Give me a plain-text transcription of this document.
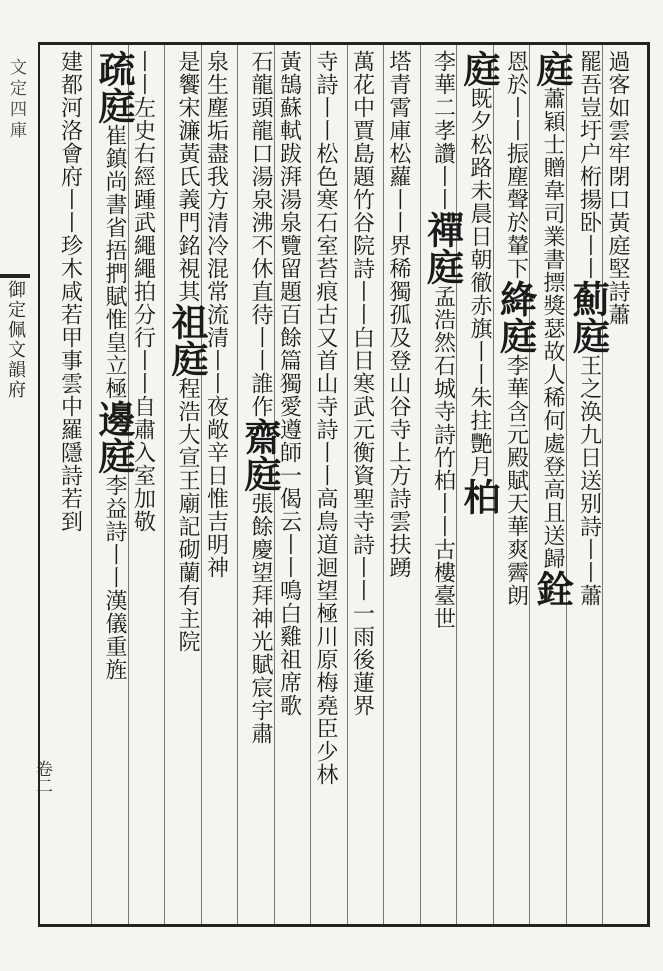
文定四庫
御定佩文韻府
卷二
過客如雲牢閉口黃庭堅詩蕭
罷吾豈圩户桁揚卧丨丨薊庭王之涣九日送别詩丨丨蕭
庭蕭穎士贈韋司業書摽獎瑟故人稀何處登高且送歸銓
恩於丨丨振塵聲於輦下絳庭李華含元殿賦天華爽霽朗
庭既夕松路未晨日朝徹赤旗丨丨朱拄艷月柏
李華二孝讚丨丨禪庭孟浩然石城寺詩竹柏丨丨古樓臺世
塔青霄庫松蘿丨丨界稀獨孤及登山谷寺上方詩雲扶踴
萬花中賈島題竹谷院詩丨丨白日寒武元衡資聖寺詩丨丨一雨後蓮界
寺詩丨丨松色寒石室苔痕古又首山寺詩丨丨高鳥道迴望極川原梅堯臣少林
黃鵠蘇軾跋湃湯泉覽留題百餘篇獨愛遵師一偈云丨丨鳴白雞祖席歌
石龍頭龍口湯泉沸不休直待丨丨誰作齋庭張餘慶望拜神光賦宸宇肅
泉生塵垢盡我方清冷混常流清丨丨夜敞辛日惟吉明神
是饗宋濂黃氏義門銘視其祖庭程浩大宣王廟記砌蘭有主院
丨丨左史右經踵武繩繩拍分行丨丨自肅入室加敬
疏庭崔鎮尚書省捂捫賦惟皇立極邊庭李益詩丨丨漢儀重旌
建都河洛會府丨丨珍木咸若甲事雲中羅隱詩若到
